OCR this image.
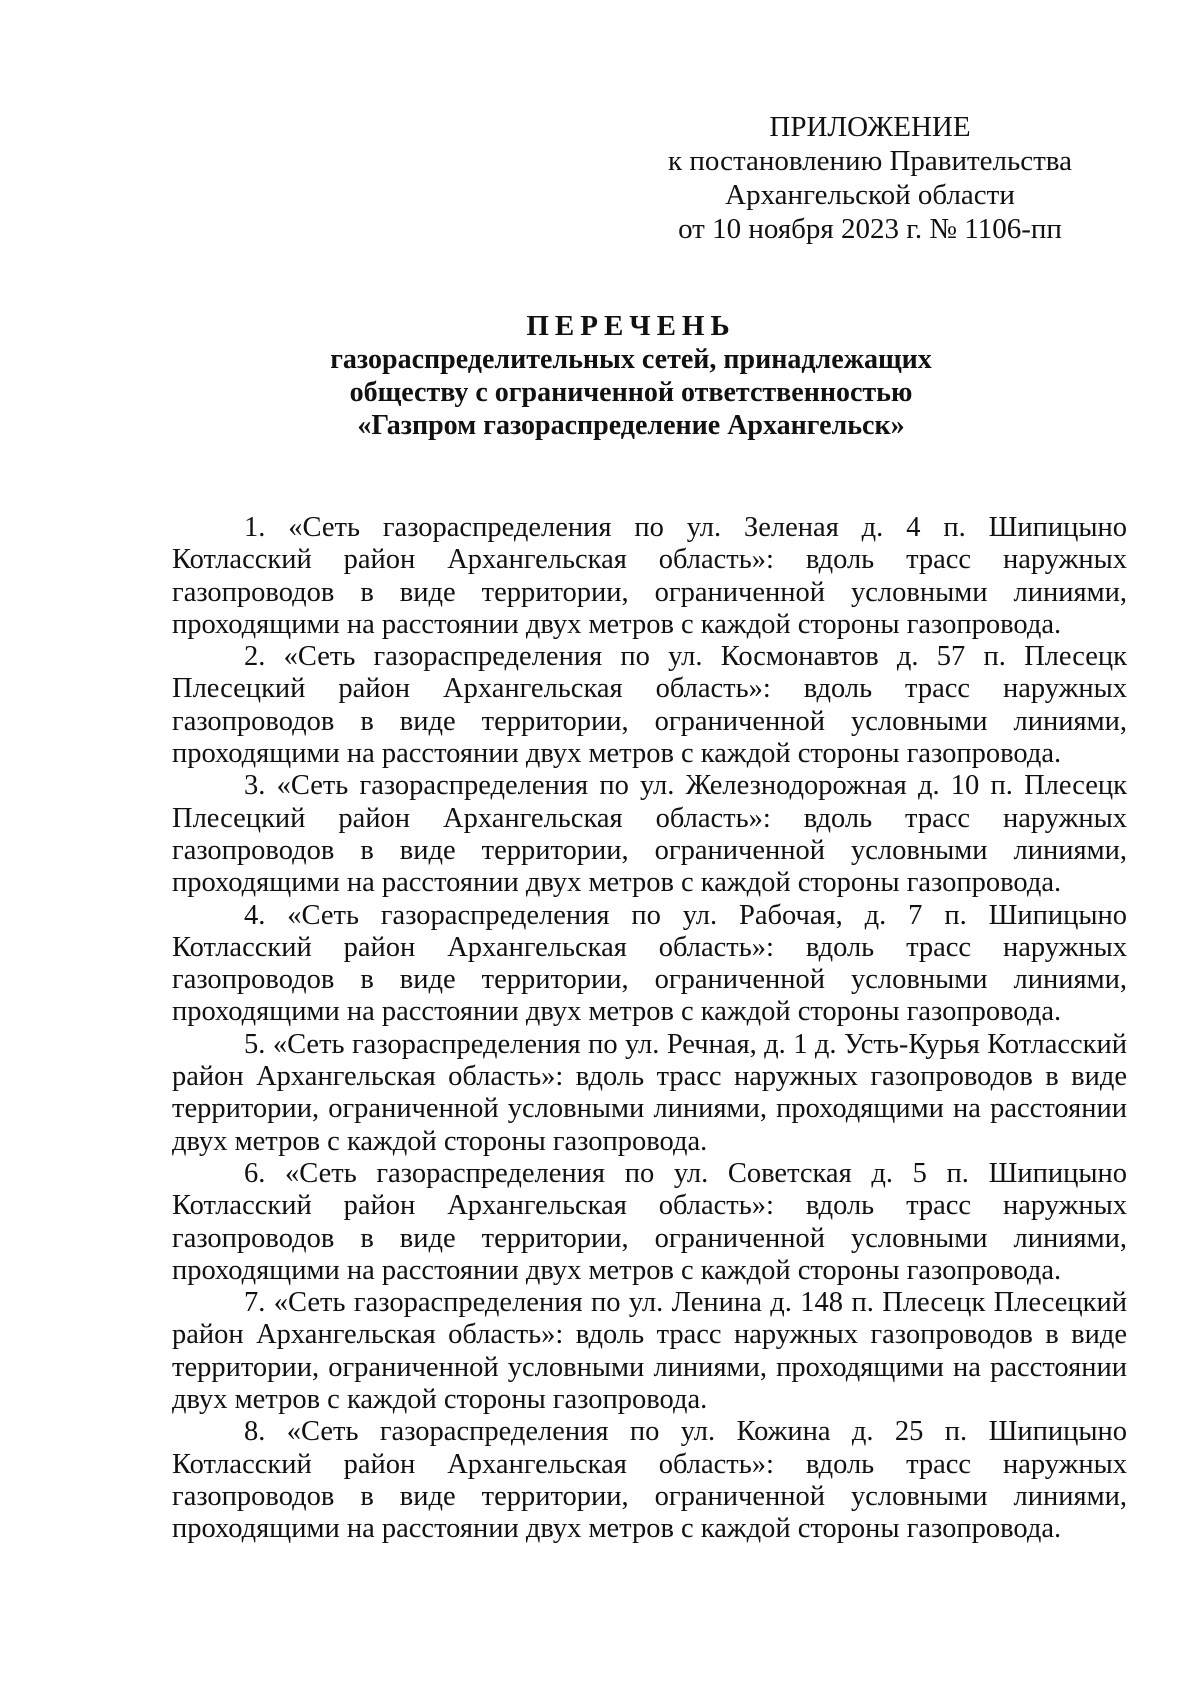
ПРИЛОЖЕНИЕ
к постановлению Правительства
Архангельской области
от 10 ноября 2023 г. № 1106-пп
ПЕРЕЧЕНЬ
газораспределительных сетей, принадлежащих
обществу с ограниченной ответственностью
«Газпром газораспределение Архангельск»

1. «Сеть газораспределения по ул. Зеленая д. 4 п. Шипицыно Котласский район Архангельская область»: вдоль трасс наружных газопроводов в виде территории, ограниченной условными линиями, проходящими на расстоянии двух метров с каждой стороны газопровода.

2. «Сеть газораспределения по ул. Космонавтов д. 57 п. Плесецк Плесецкий район Архангельская область»: вдоль трасс наружных газопроводов в виде территории, ограниченной условными линиями, проходящими на расстоянии двух метров с каждой стороны газопровода.

3. «Сеть газораспределения по ул. Железнодорожная д. 10 п. Плесецк Плесецкий район Архангельская область»: вдоль трасс наружных газопроводов в виде территории, ограниченной условными линиями, проходящими на расстоянии двух метров с каждой стороны газопровода.

4. «Сеть газораспределения по ул. Рабочая, д. 7 п. Шипицыно Котласский район Архангельская область»: вдоль трасс наружных газопроводов в виде территории, ограниченной условными линиями, проходящими на расстоянии двух метров с каждой стороны газопровода.

5. «Сеть газораспределения по ул. Речная, д. 1 д. Усть-Курья Котласский район Архангельская область»: вдоль трасс наружных газопроводов в виде территории, ограниченной условными линиями, проходящими на расстоянии двух метров с каждой стороны газопровода.

6. «Сеть газораспределения по ул. Советская д. 5 п. Шипицыно Котласский район Архангельская область»: вдоль трасс наружных газопроводов в виде территории, ограниченной условными линиями, проходящими на расстоянии двух метров с каждой стороны газопровода.

7. «Сеть газораспределения по ул. Ленина д. 148 п. Плесецк Плесецкий район Архангельская область»: вдоль трасс наружных газопроводов в виде территории, ограниченной условными линиями, проходящими на расстоянии двух метров с каждой стороны газопровода.

8. «Сеть газораспределения по ул. Кожина д. 25 п. Шипицыно Котласский район Архангельская область»: вдоль трасс наружных газопроводов в виде территории, ограниченной условными линиями, проходящими на расстоянии двух метров с каждой стороны газопровода.
